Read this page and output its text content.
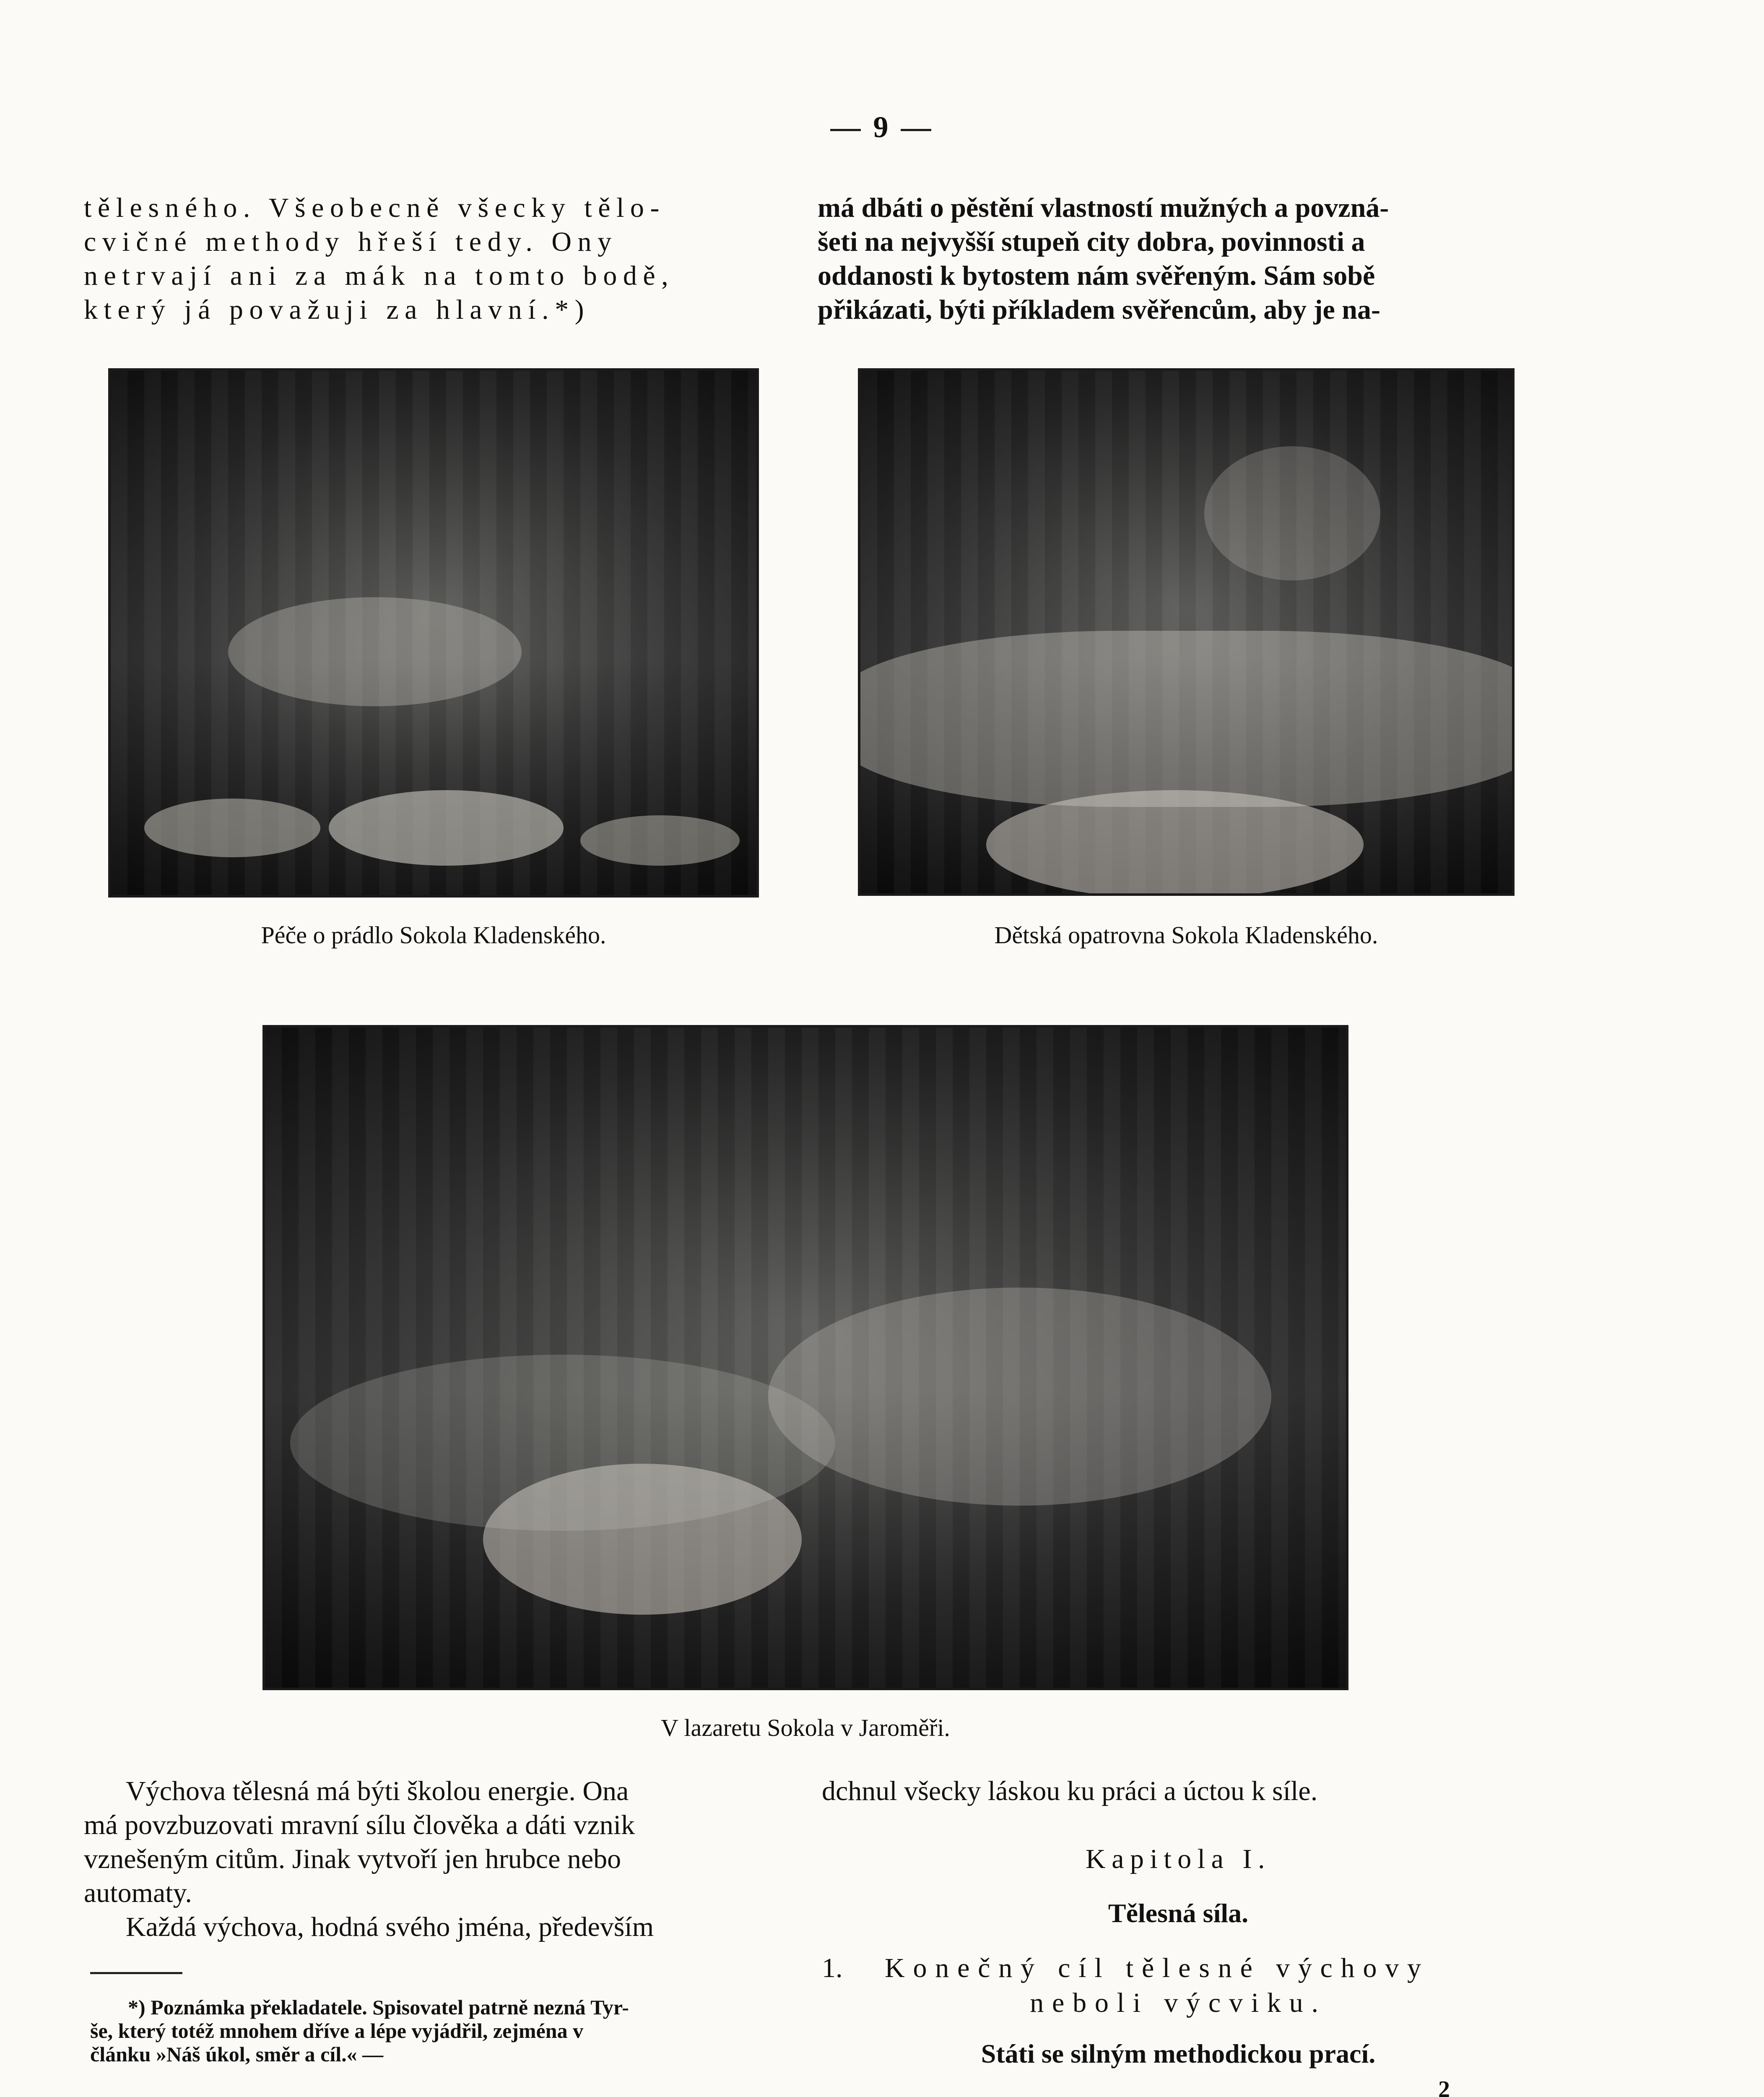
— 9 —

tělesného. Všeobecně všecky tělo-

cvičné methody hřeší tedy. Ony

netrvají ani za mák na tomto bodě,

který já považuji za hlavní.*)

má dbáti o pěstění vlastností mužných a povzná-

šeti na nejvyšší stupeň city dobra, povinnosti a

oddanosti k bytostem nám svěřeným. Sám sobě

přikázati, býti příkladem svěřencům, aby je na-

Péče o prádlo Sokola Kladenského.	Dětská opatrovna Sokola Kladenského.
V lazaretu Sokola v Jaroměři.

Výchova tělesná má býti školou energie. Ona

má povzbuzovati mravní sílu člověka a dáti vznik

vznešeným citům. Jinak vytvoří jen hrubce nebo

automaty.

Každá výchova, hodná svého jména, především

*) Poznámka překladatele. Spisovatel patrně nezná Tyr-
še, který totéž mnohem dříve a lépe vyjádřil, zejména v
článku »Náš úkol, směr a cíl.« —
dchnul všecky láskou ku práci a úctou k síle.
Kapitola I.
Tělesná síla.
1. Konečný cíl tělesné výchovy
neboli výcviku.
Státi se silným methodickou prací.
2
